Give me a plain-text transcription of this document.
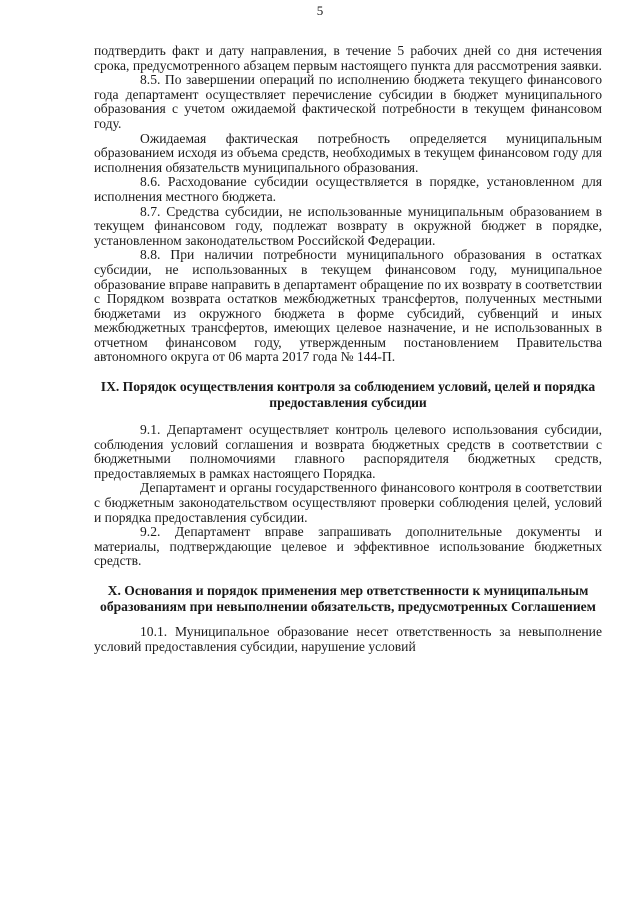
5

подтвердить факт и дату направления, в течение 5 рабочих дней со дня истечения срока, предусмотренного абзацем первым настоящего пункта для рассмотрения заявки.

8.5. По завершении операций по исполнению бюджета текущего финансового года департамент осуществляет перечисление субсидии в бюджет муниципального образования с учетом ожидаемой фактической потребности в текущем финансовом году.

Ожидаемая фактическая потребность определяется муниципальным образованием исходя из объема средств, необходимых в текущем финансовом году для исполнения обязательств муниципального образования.

8.6. Расходование субсидии осуществляется в порядке, установленном для исполнения местного бюджета.

8.7. Средства субсидии, не использованные муниципальным образованием в текущем финансовом году, подлежат возврату в окружной бюджет в порядке, установленном законодательством Российской Федерации.

8.8. При наличии потребности муниципального образования в остатках субсидии, не использованных в текущем финансовом году, муниципальное образование вправе направить в департамент обращение по их возврату в соответствии с Порядком возврата остатков межбюджетных трансфертов, полученных местными бюджетами из окружного бюджета в форме субсидий, субвенций и иных межбюджетных трансфертов, имеющих целевое назначение, и не использованных в отчетном финансовом году, утвержденным постановлением Правительства автономного округа от 06 марта 2017 года № 144-П.

IX. Порядок осуществления контроля за соблюдением условий, целей и порядка предоставления субсидии

9.1. Департамент осуществляет контроль целевого использования субсидии, соблюдения условий соглашения и возврата бюджетных средств в соответствии с бюджетными полномочиями главного распорядителя бюджетных средств, предоставляемых в рамках настоящего Порядка.

Департамент и органы государственного финансового контроля в соответствии с бюджетным законодательством осуществляют проверки соблюдения целей, условий и порядка предоставления субсидии.

9.2. Департамент вправе запрашивать дополнительные документы и материалы, подтверждающие целевое и эффективное использование бюджетных средств.

X. Основания и порядок применения мер ответственности к муниципальным образованиям при невыполнении обязательств, предусмотренных Соглашением

10.1. Муниципальное образование несет ответственность за невыполнение условий предоставления субсидии, нарушение условий
